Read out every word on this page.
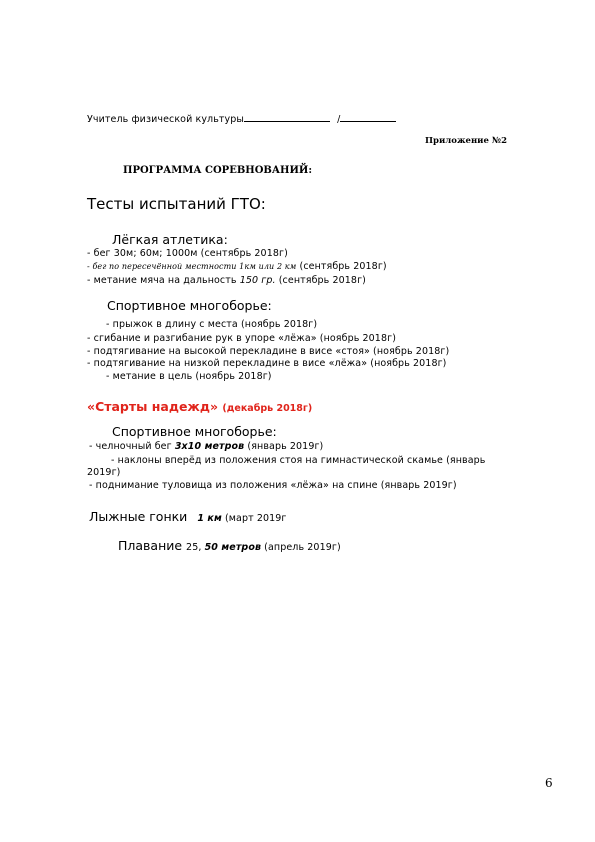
Учитель физической культуры	/
Приложение №2
ПРОГРАММА СОРЕВНОВАНИЙ:
Тесты испытаний ГТО:
Лёгкая атлетика:
- бег 30м; 60м; 1000м (сентябрь 2018г)
- бег по пересечённой местности 1км или 2 км (сентябрь 2018г)
- метание мяча на дальность 150 гр. (сентябрь 2018г)
Спортивное многоборье:
- прыжок в длину с места (ноябрь 2018г)
- сгибание и разгибание рук в упоре «лёжа» (ноябрь 2018г)
- подтягивание на высокой перекладине в висе «стоя» (ноябрь 2018г)
- подтягивание на низкой перекладине в висе «лёжа» (ноябрь 2018г)
- метание в цель (ноябрь 2018г)
«Старты надежд» (декабрь 2018г)
Спортивное многоборье:
- челночный бег 3х10 метров (январь 2019г)
- наклоны вперёд из положения стоя на гимнастической скамье (январь
2019г)
- поднимание туловища из положения «лёжа» на спине (январь 2019г)
Лыжные гонки 1 км (март 2019г
Плавание 25, 50 метров (апрель 2019г)
6
